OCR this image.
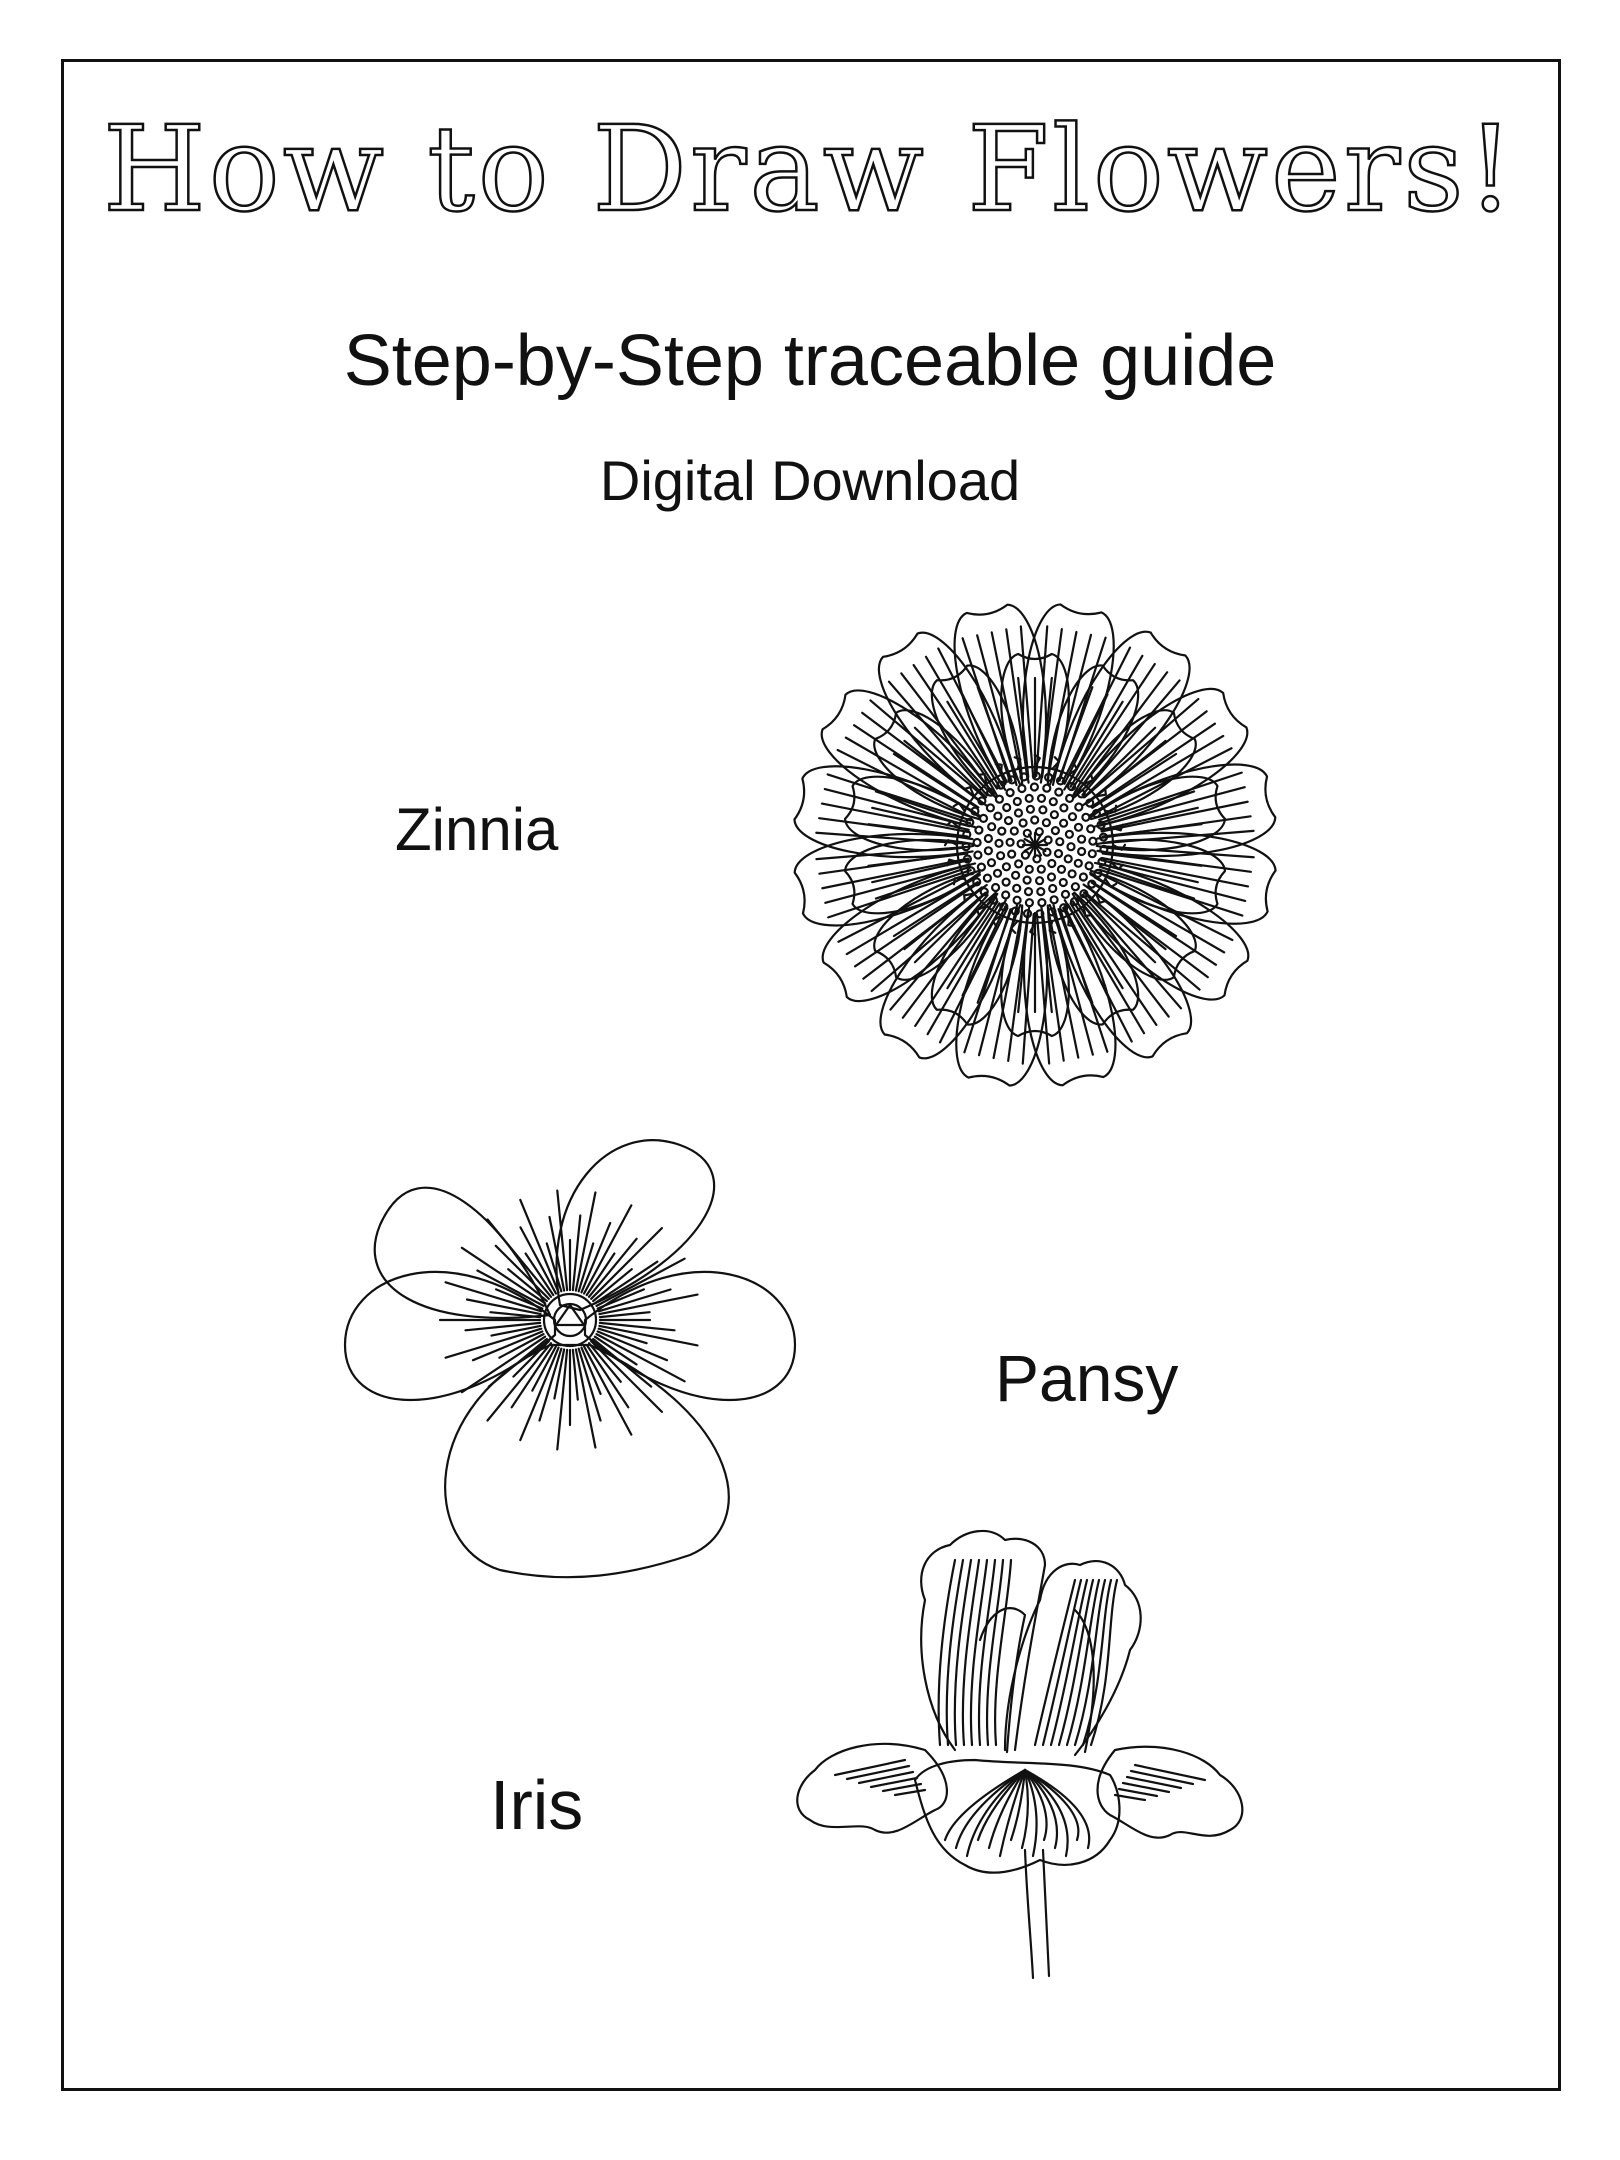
How to Draw Flowers!
Step-by-Step traceable guide
Digital Download
Zinnia
Pansy
Iris
